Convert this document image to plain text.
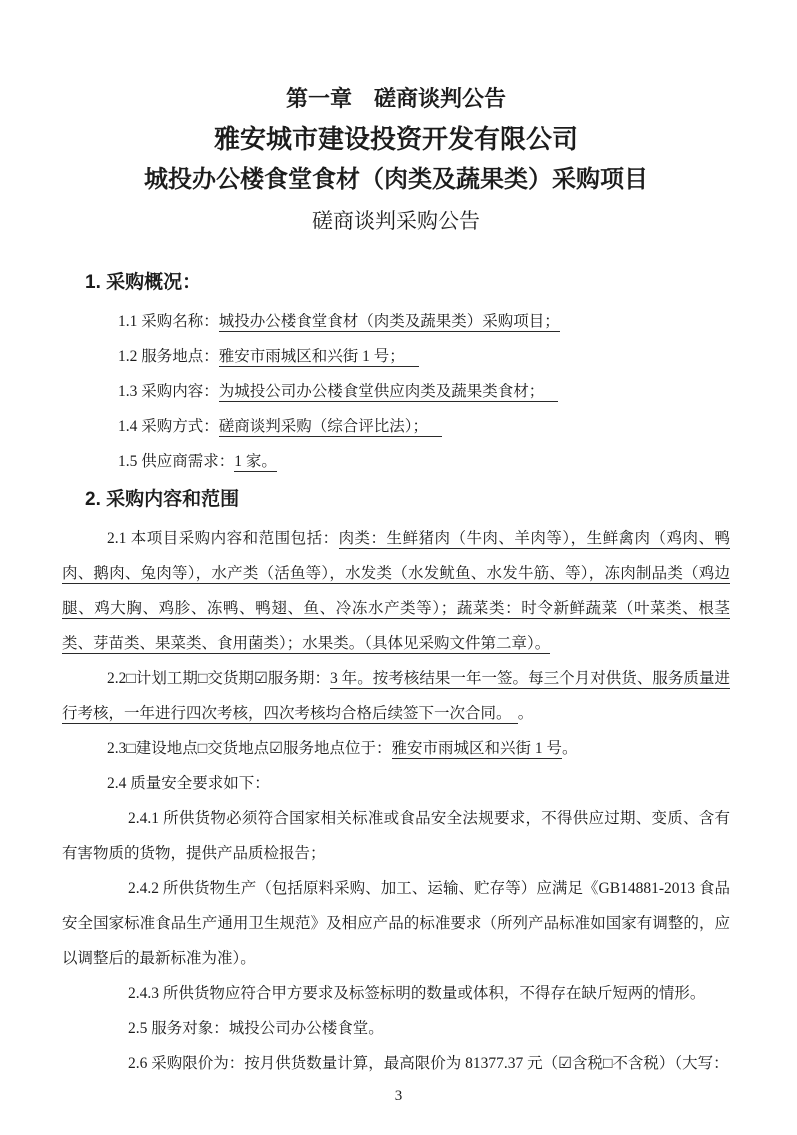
第一章　磋商谈判公告
雅安城市建设投资开发有限公司
城投办公楼食堂食材（肉类及蔬果类）采购项目
磋商谈判采购公告
1. 采购概况：

1.1 采购名称：城投办公楼食堂食材（肉类及蔬果类）采购项目；

1.2 服务地点：雅安市雨城区和兴街 1 号；

1.3 采购内容：为城投公司办公楼食堂供应肉类及蔬果类食材；

1.4 采购方式：磋商谈判采购（综合评比法）；

1.5 供应商需求：1 家。

2. 采购内容和范围

2.1 本项目采购内容和范围包括：肉类：生鲜猪肉（牛肉、羊肉等），生鲜禽肉（鸡肉、鸭肉、鹅肉、兔肉等），水产类（活鱼等），水发类（水发鱿鱼、水发牛筋、等），冻肉制品类（鸡边腿、鸡大胸、鸡胗、冻鸭、鸭翅、鱼、冷冻水产类等）；蔬菜类：时令新鲜蔬菜（叶菜类、根茎类、芽苗类、果菜类、食用菌类）；水果类。（具体见采购文件第二章）。

2.2□计划工期□交货期☑服务期：3 年。按考核结果一年一签。每三个月对供货、服务质量进行考核，一年进行四次考核，四次考核均合格后续签下一次合同。 。

2.3□建设地点□交货地点☑服务地点位于：雅安市雨城区和兴街 1 号。

2.4 质量安全要求如下：

2.4.1 所供货物必须符合国家相关标准或食品安全法规要求，不得供应过期、变质、含有有害物质的货物，提供产品质检报告；

2.4.2 所供货物生产（包括原料采购、加工、运输、贮存等）应满足《GB14881-2013 食品安全国家标准食品生产通用卫生规范》及相应产品的标准要求（所列产品标准如国家有调整的，应以调整后的最新标准为准）。

2.4.3 所供货物应符合甲方要求及标签标明的数量或体积，不得存在缺斤短两的情形。

2.5 服务对象：城投公司办公楼食堂。

2.6 采购限价为：按月供货数量计算，最高限价为 81377.37 元（☑含税□不含税）（大写：

3
